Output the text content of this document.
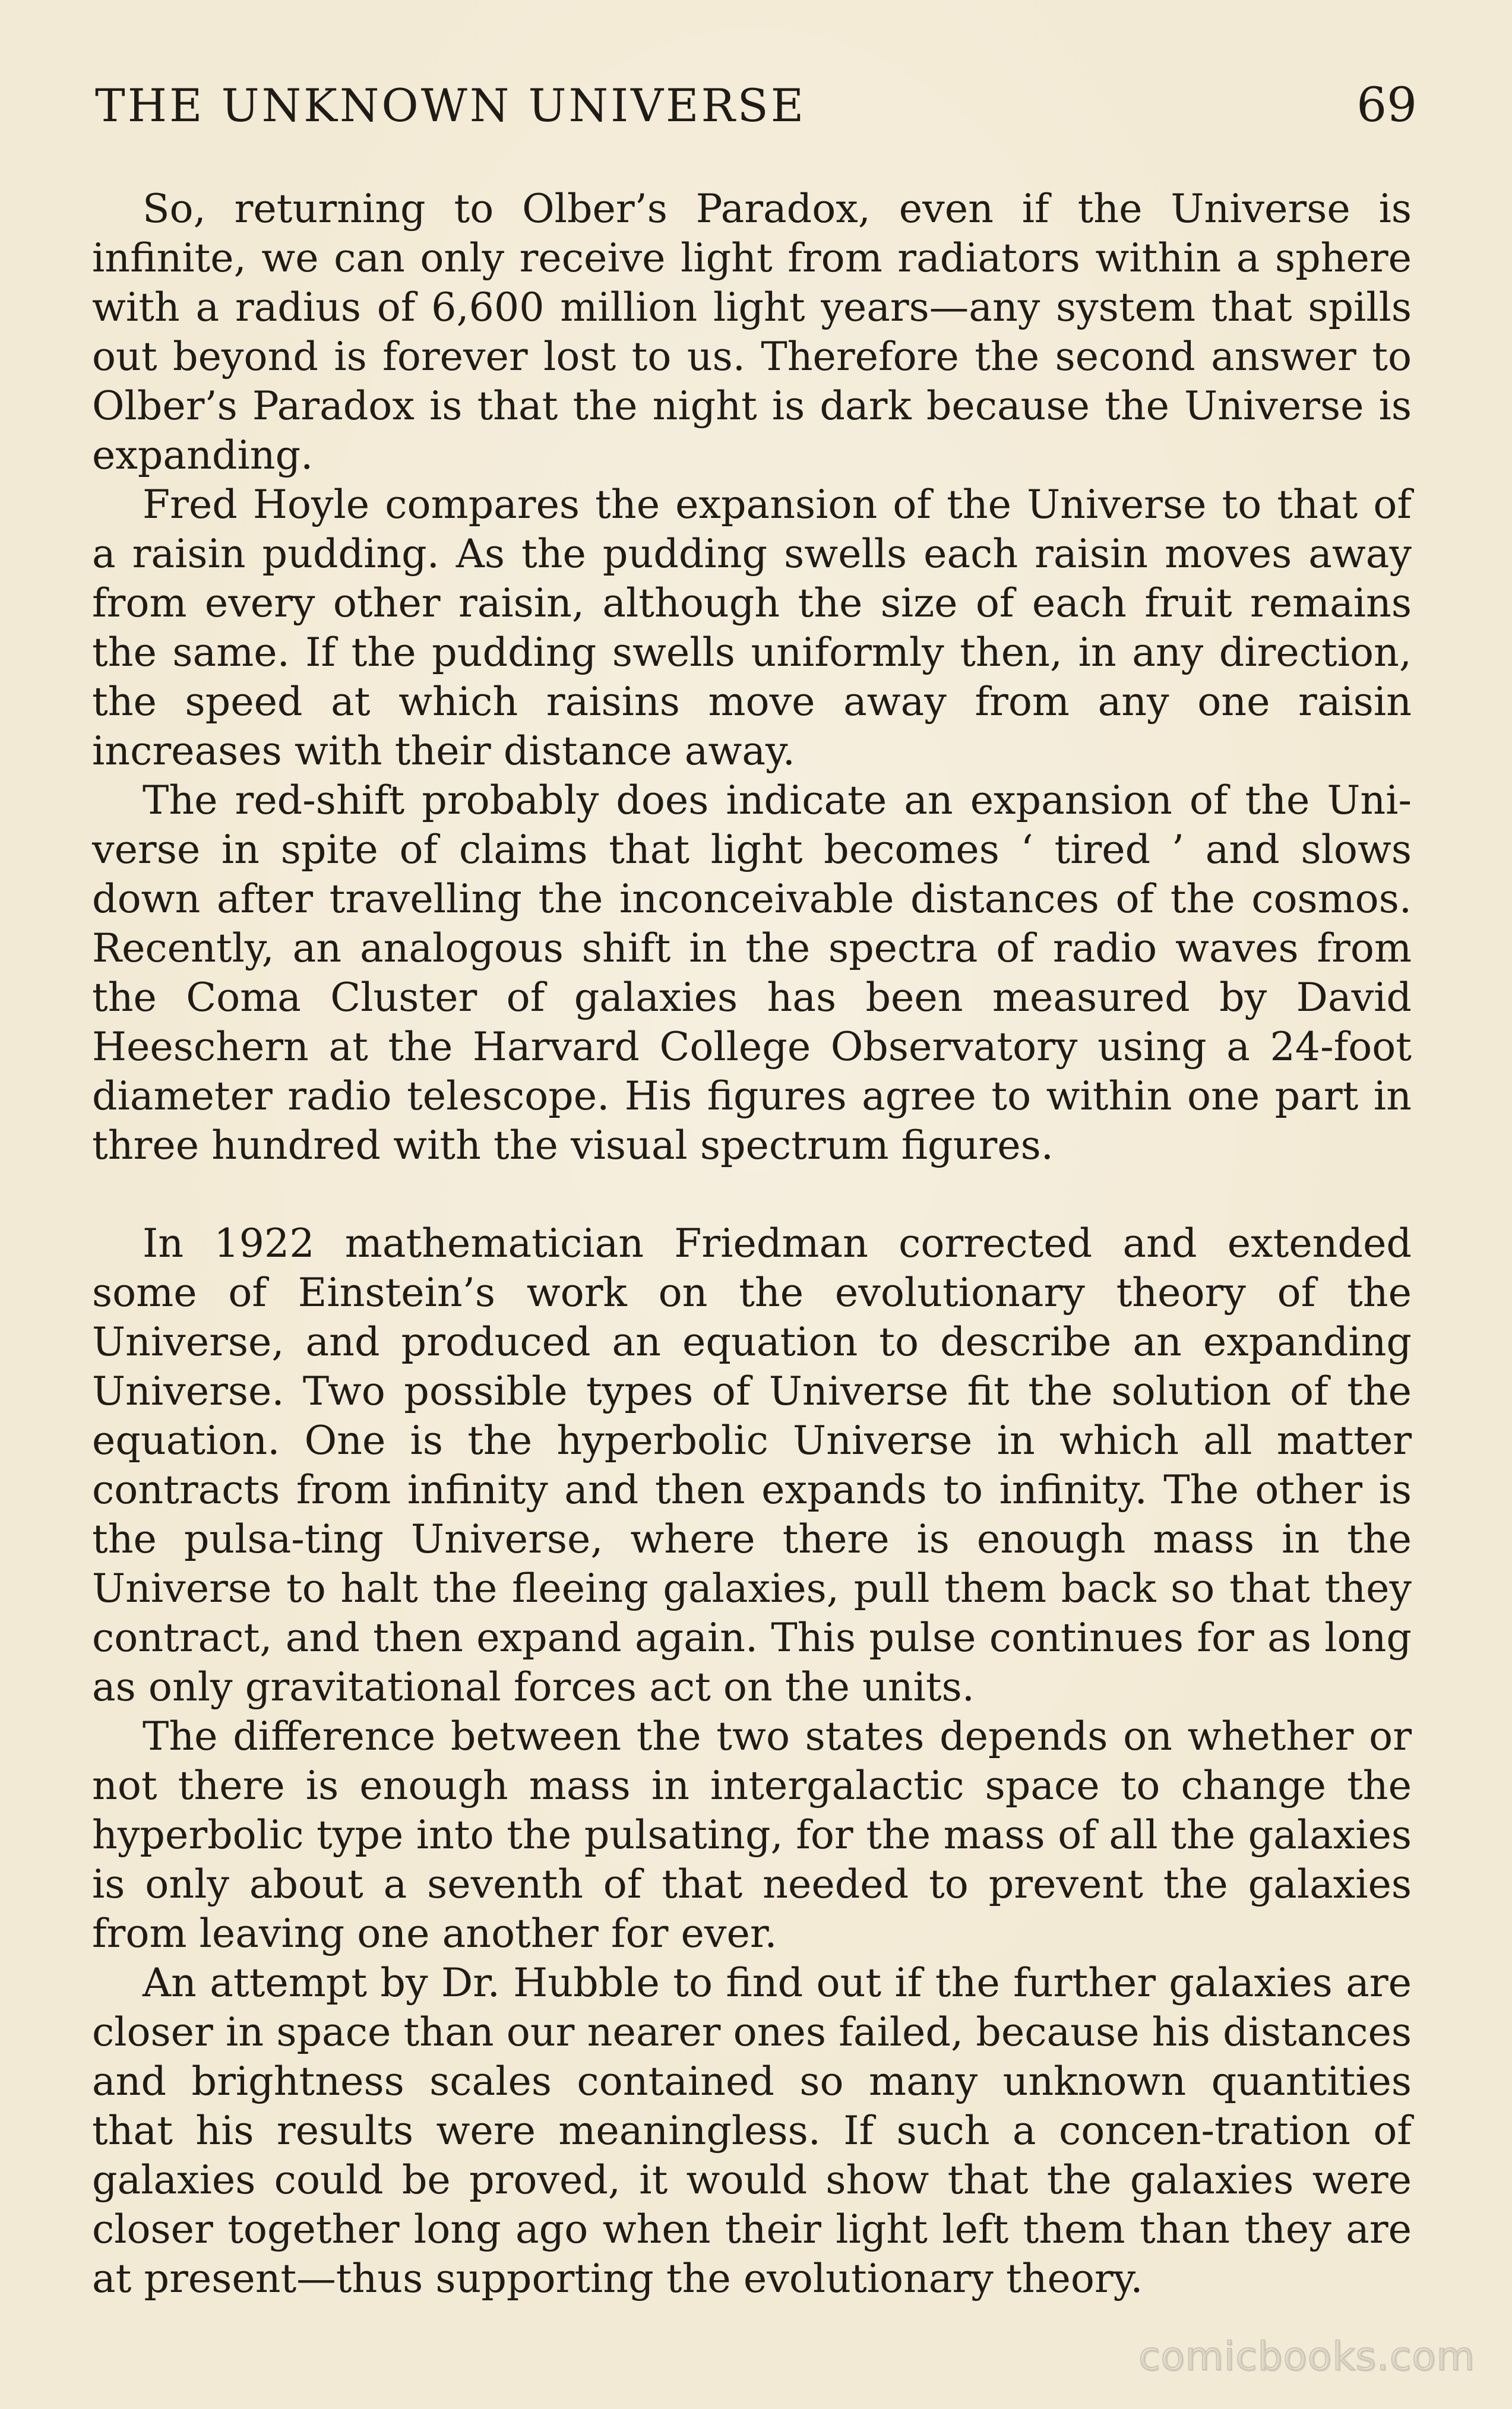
THE UNKNOWN UNIVERSE	69

So, returning to Olber’s Paradox, even if the Universe is infinite, we can only receive light from radiators within a sphere with a radius of 6,600 million light years—any system that spills out beyond is forever lost to us. Therefore the second answer to Olber’s Paradox is that the night is dark because the Universe is expanding.

Fred Hoyle compares the expansion of the Universe to that of a raisin pudding. As the pudding swells each raisin moves away from every other raisin, although the size of each fruit remains the same. If the pudding swells uniformly then, in any direction, the speed at which raisins move away from any one raisin increases with their distance away.

The red-shift probably does indicate an expansion of the Uni-verse in spite of claims that light becomes ‘ tired ’ and slows down after travelling the inconceivable distances of the cosmos. Recently, an analogous shift in the spectra of radio waves from the Coma Cluster of galaxies has been measured by David Heeschern at the Harvard College Observatory using a 24-foot diameter radio telescope. His figures agree to within one part in three hundred with the visual spectrum figures.

In 1922 mathematician Friedman corrected and extended some of Einstein’s work on the evolutionary theory of the Universe, and produced an equation to describe an expanding Universe. Two possible types of Universe fit the solution of the equation. One is the hyperbolic Universe in which all matter contracts from infinity and then expands to infinity. The other is the pulsa-ting Universe, where there is enough mass in the Universe to halt the fleeing galaxies, pull them back so that they contract, and then expand again. This pulse continues for as long as only gravitational forces act on the units.

The difference between the two states depends on whether or not there is enough mass in intergalactic space to change the hyperbolic type into the pulsating, for the mass of all the galaxies is only about a seventh of that needed to prevent the galaxies from leaving one another for ever.

An attempt by Dr. Hubble to find out if the further galaxies are closer in space than our nearer ones failed, because his distances and brightness scales contained so many unknown quantities that his results were meaningless. If such a concen-tration of galaxies could be proved, it would show that the galaxies were closer together long ago when their light left them than they are at present—thus supporting the evolutionary theory.

comicbooks.com
